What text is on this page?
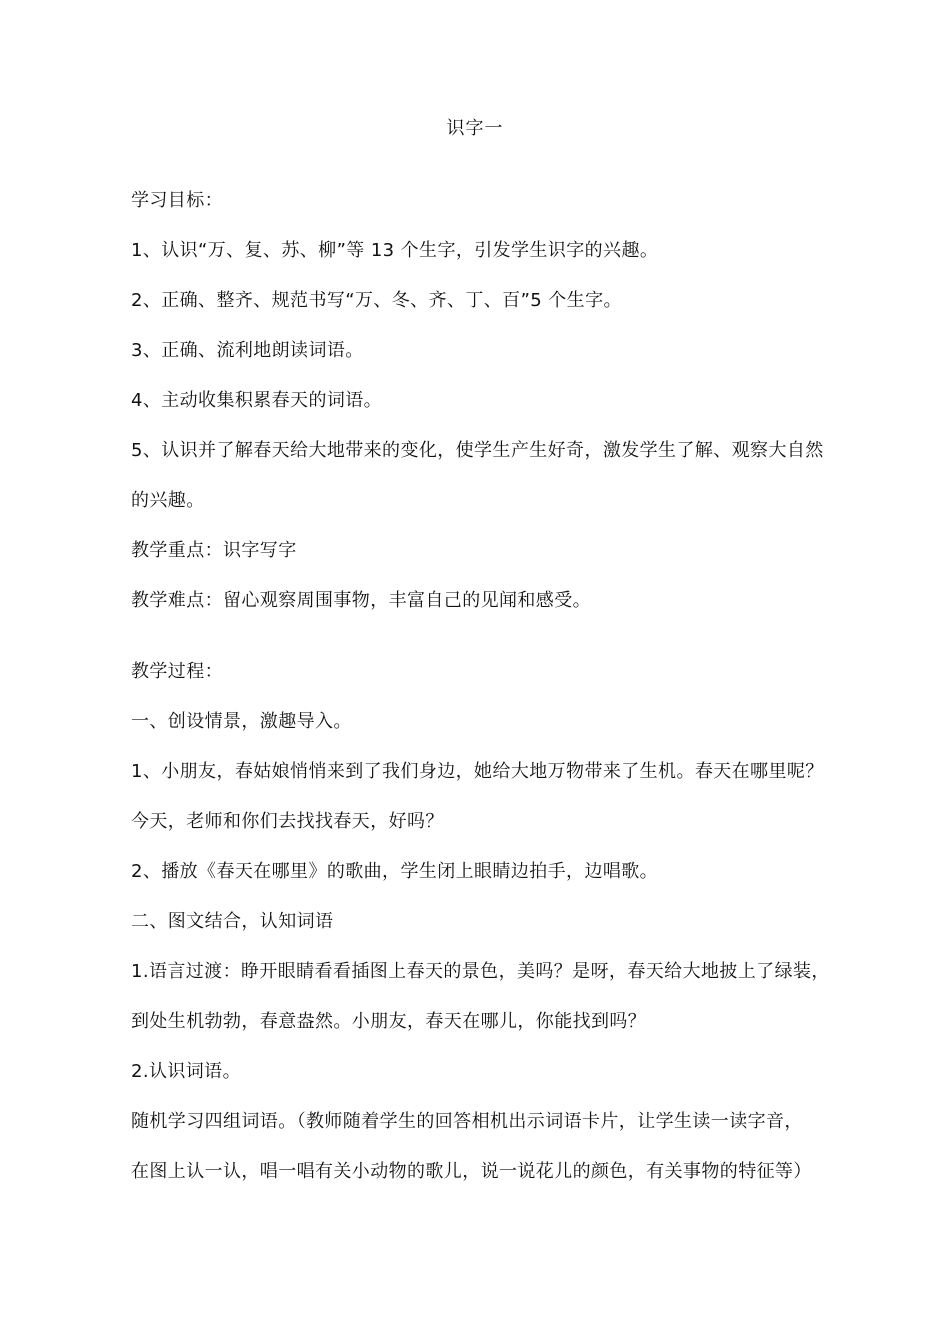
识字一
学习目标：
1、认识“万、复、苏、柳”等 13 个生字，引发学生识字的兴趣。
2、正确、整齐、规范书写“万、冬、齐、丁、百”5 个生字。
3、正确、流利地朗读词语。
4、主动收集积累春天的词语。
5、认识并了解春天给大地带来的变化，使学生产生好奇，激发学生了解、观察大自然
的兴趣。
教学重点：识字写字
教学难点：留心观察周围事物，丰富自己的见闻和感受。
教学过程：
一、创设情景，激趣导入。
1、小朋友，春姑娘悄悄来到了我们身边，她给大地万物带来了生机。春天在哪里呢？
今天，老师和你们去找找春天，好吗？
2、播放《春天在哪里》的歌曲，学生闭上眼睛边拍手，边唱歌。
二、图文结合，认知词语
1.语言过渡：睁开眼睛看看插图上春天的景色，美吗？是呀，春天给大地披上了绿装，
到处生机勃勃，春意盎然。小朋友，春天在哪儿，你能找到吗？
2.认识词语。
随机学习四组词语。（教师随着学生的回答相机出示词语卡片，让学生读一读字音，
在图上认一认，唱一唱有关小动物的歌儿，说一说花儿的颜色，有关事物的特征等）
